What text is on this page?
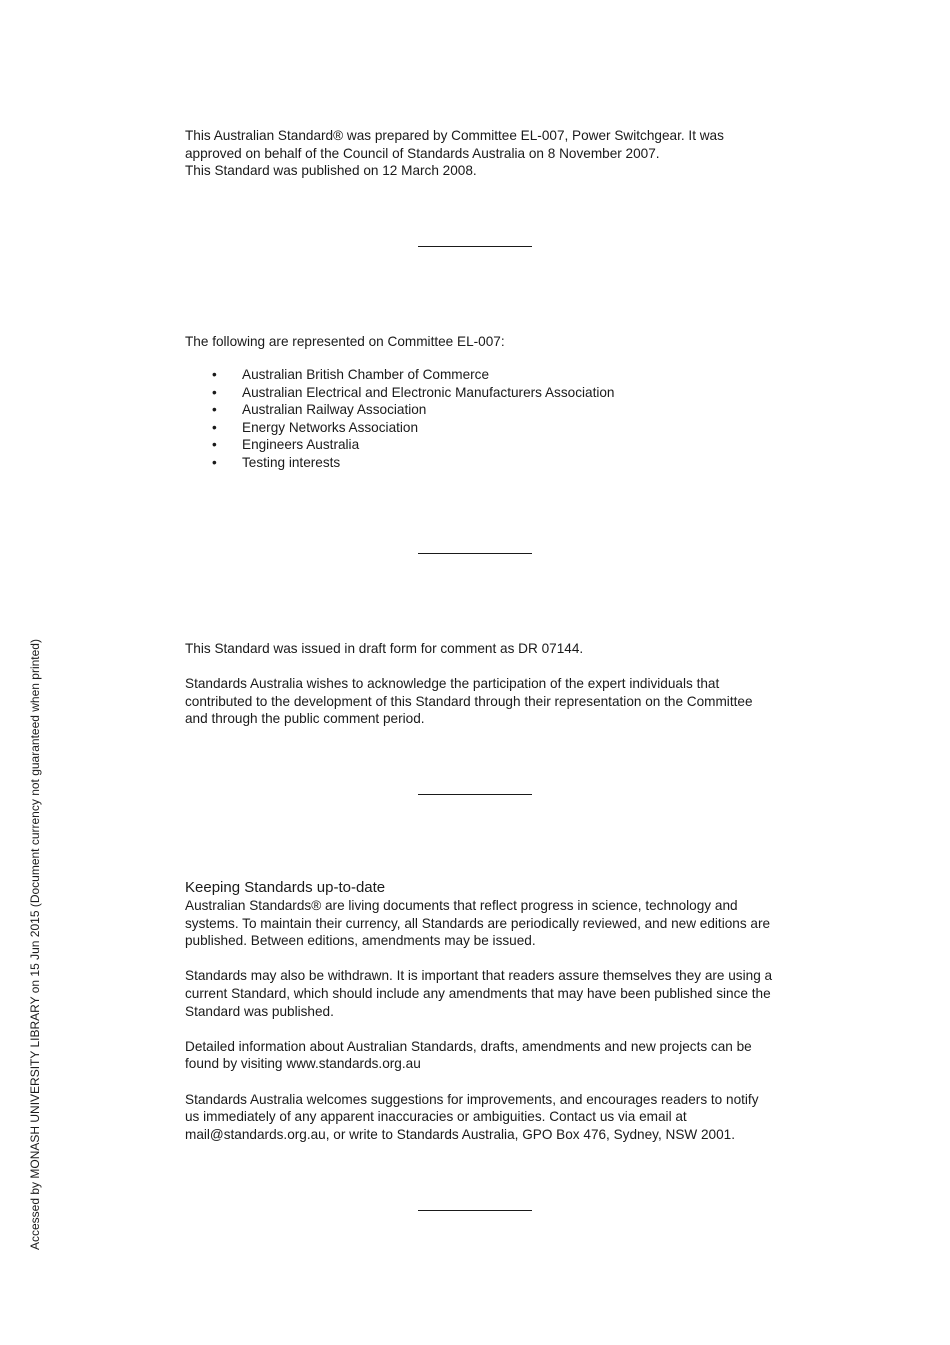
This Australian Standard® was prepared by Committee EL-007, Power Switchgear. It was

approved on behalf of the Council of Standards Australia on 8 November 2007.

This Standard was published on 12 March 2008.

The following are represented on Committee EL-007:

• Australian British Chamber of Commerce
• Australian Electrical and Electronic Manufacturers Association
• Australian Railway Association
• Energy Networks Association
• Engineers Australia
• Testing interests

This Standard was issued in draft form for comment as DR 07144.

Standards Australia wishes to acknowledge the participation of the expert individuals that contributed to the development of this Standard through their representation on the Committee and through the public comment period.

Keeping Standards up-to-date

Australian Standards® are living documents that reflect progress in science, technology and systems. To maintain their currency, all Standards are periodically reviewed, and new editions are published. Between editions, amendments may be issued.

Standards may also be withdrawn. It is important that readers assure themselves they are using a current Standard, which should include any amendments that may have been published since the Standard was published.

Detailed information about Australian Standards, drafts, amendments and new projects can be found by visiting www.standards.org.au

Standards Australia welcomes suggestions for improvements, and encourages readers to notify us immediately of any apparent inaccuracies or ambiguities. Contact us via email at mail@standards.org.au, or write to Standards Australia, GPO Box 476, Sydney, NSW 2001.

Accessed by MONASH UNIVERSITY LIBRARY on 15 Jun 2015 (Document currency not guaranteed when printed)
